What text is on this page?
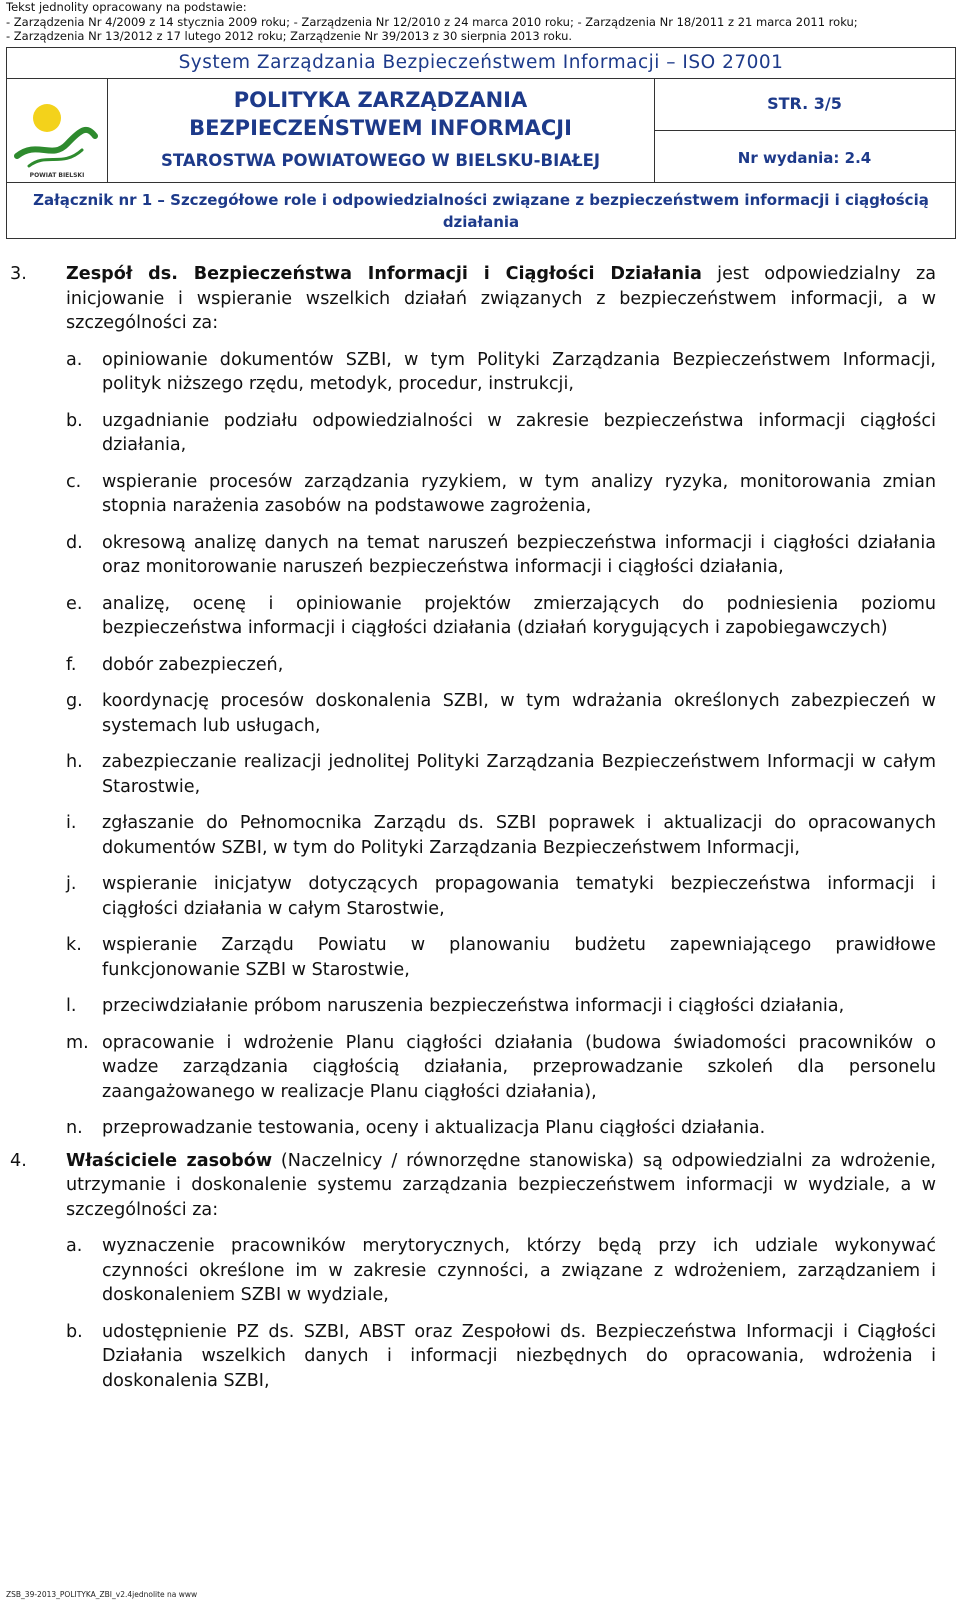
Tekst jednolity opracowany na podstawie:
- Zarządzenia Nr 4/2009 z 14 stycznia 2009 roku; - Zarządzenia Nr 12/2010 z 24 marca 2010 roku; - Zarządzenia Nr 18/2011 z 21 marca 2011 roku;
- Zarządzenia Nr 13/2012 z 17 lutego 2012 roku; Zarządzenie Nr 39/2013 z 30 sierpnia 2013 roku.
System Zarządzania Bezpieczeństwem Informacji – ISO 27001
POWIAT BIELSKI
POLITYKA ZARZĄDZANIA
BEZPIECZEŃSTWEM INFORMACJI
STAROSTWA POWIATOWEGO W BIELSKU-BIAŁEJ
STR. 3/5
Nr wydania: 2.4
Załącznik nr 1 – Szczegółowe role i odpowiedzialności związane z bezpieczeństwem informacji i ciągłością działania
3. Zespół ds. Bezpieczeństwa Informacji i Ciągłości Działania jest odpowiedzialny za inicjowanie i wspieranie wszelkich działań związanych z bezpieczeństwem informacji, a w szczególności za:
a. opiniowanie dokumentów SZBI, w tym Polityki Zarządzania Bezpieczeństwem Informacji, polityk niższego rzędu, metodyk, procedur, instrukcji,
b. uzgadnianie podziału odpowiedzialności w zakresie bezpieczeństwa informacji ciągłości działania,
c. wspieranie procesów zarządzania ryzykiem, w tym analizy ryzyka, monitorowania zmian stopnia narażenia zasobów na podstawowe zagrożenia,
d. okresową analizę danych na temat naruszeń bezpieczeństwa informacji i ciągłości działania oraz monitorowanie naruszeń bezpieczeństwa informacji i ciągłości działania,
e. analizę, ocenę i opiniowanie projektów zmierzających do podniesienia poziomu bezpieczeństwa informacji i ciągłości działania (działań korygujących i zapobiegawczych)
f. dobór zabezpieczeń,
g. koordynację procesów doskonalenia SZBI, w tym wdrażania określonych zabezpieczeń w systemach lub usługach,
h. zabezpieczanie realizacji jednolitej Polityki Zarządzania Bezpieczeństwem Informacji w całym Starostwie,
i. zgłaszanie do Pełnomocnika Zarządu ds. SZBI poprawek i aktualizacji do opracowanych dokumentów SZBI, w tym do Polityki Zarządzania Bezpieczeństwem Informacji,
j. wspieranie inicjatyw dotyczących propagowania tematyki bezpieczeństwa informacji i ciągłości działania w całym Starostwie,
k. wspieranie Zarządu Powiatu w planowaniu budżetu zapewniającego prawidłowe funkcjonowanie SZBI w Starostwie,
l. przeciwdziałanie próbom naruszenia bezpieczeństwa informacji i ciągłości działania,
m. opracowanie i wdrożenie Planu ciągłości działania (budowa świadomości pracowników o wadze zarządzania ciągłością działania, przeprowadzanie szkoleń dla personelu zaangażowanego w realizacje Planu ciągłości działania),
n. przeprowadzanie testowania, oceny i aktualizacja Planu ciągłości działania.
4. Właściciele zasobów (Naczelnicy / równorzędne stanowiska) są odpowiedzialni za wdrożenie, utrzymanie i doskonalenie systemu zarządzania bezpieczeństwem informacji w wydziale, a w szczególności za:
a. wyznaczenie pracowników merytorycznych, którzy będą przy ich udziale wykonywać czynności określone im w zakresie czynności, a związane z wdrożeniem, zarządzaniem i doskonaleniem SZBI w wydziale,
b. udostępnienie PZ ds. SZBI, ABST oraz Zespołowi ds. Bezpieczeństwa Informacji i Ciągłości Działania wszelkich danych i informacji niezbędnych do opracowania, wdrożenia i doskonalenia SZBI,
ZSB_39-2013_POLITYKA_ZBI_v2.4jednolite na www
